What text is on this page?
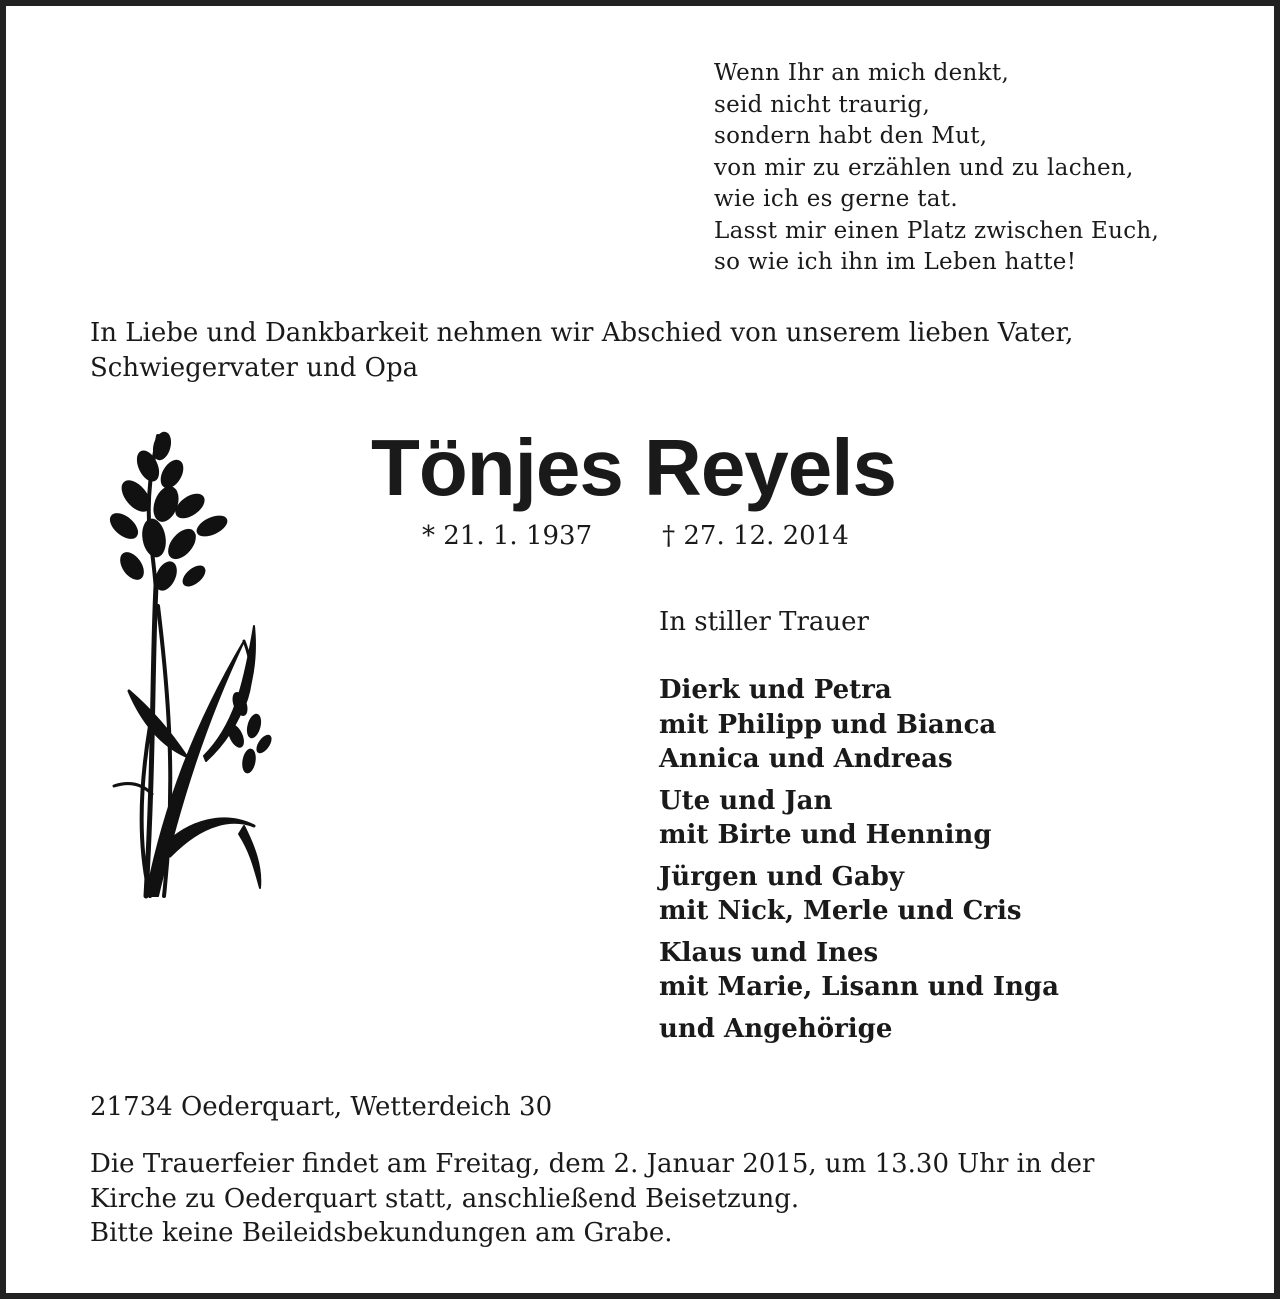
Wenn Ihr an mich denkt,
seid nicht traurig,
sondern habt den Mut,
von mir zu erzählen und zu lachen,
wie ich es gerne tat.
Lasst mir einen Platz zwischen Euch,
so wie ich ihn im Leben hatte!
In Liebe und Dankbarkeit nehmen wir Abschied von unserem lieben Vater,
Schwiegervater und Opa
Tönjes Reyels
* 21. 1. 1937	† 27. 12. 2014
In stiller Trauer
Dierk und Petra
mit Philipp und Bianca
Annica und Andreas
Ute und Jan
mit Birte und Henning
Jürgen und Gaby
mit Nick, Merle und Cris
Klaus und Ines
mit Marie, Lisann und Inga
und Angehörige
21734 Oederquart, Wetterdeich 30
Die Trauerfeier findet am Freitag, dem 2. Januar 2015, um 13.30 Uhr in der
Kirche zu Oederquart statt, anschließend Beisetzung.
Bitte keine Beileidsbekundungen am Grabe.
